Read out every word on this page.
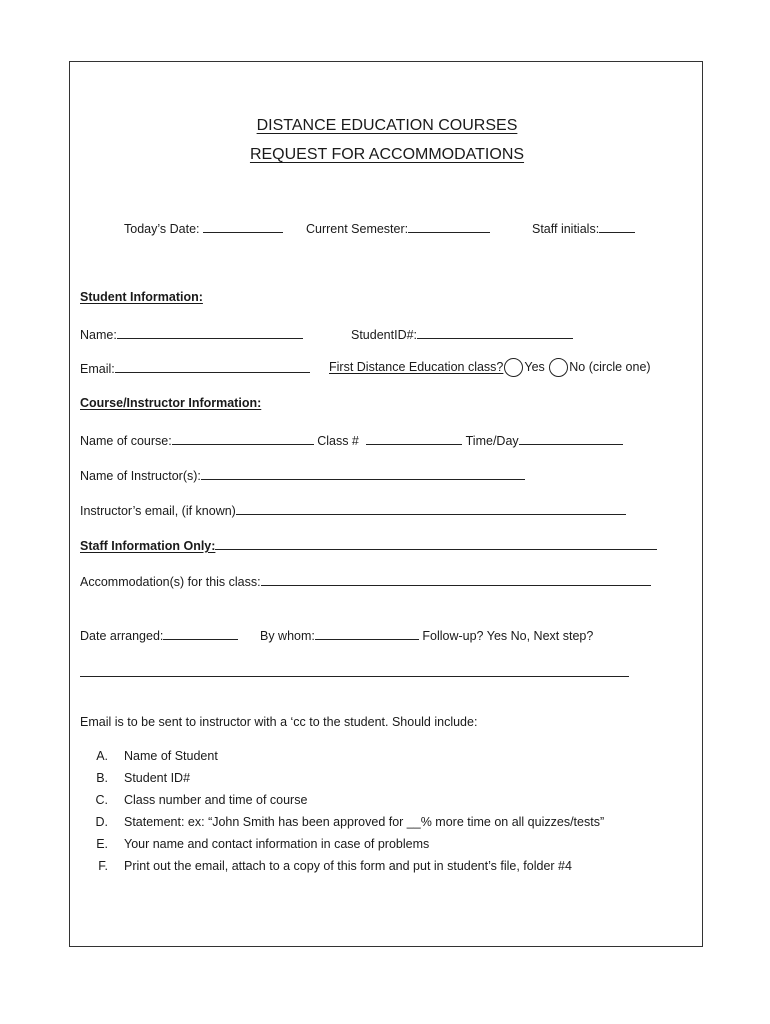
DISTANCE EDUCATION COURSES
REQUEST FOR ACCOMMODATIONS
Today’s Date:	Current Semester:	Staff initials:
Student Information:
Name:	StudentID#:
Email:	First Distance Education class? Yes No (circle one)
Course/Instructor Information:
Name of course:	Class #	Time/Day
Name of Instructor(s):
Instructor’s email, (if known)
Staff Information Only:
Accommodation(s) for this class:
Date arranged:	By whom:	Follow-up? Yes No, Next step?
Email is to be sent to instructor with a ‘cc to the student. Should include:
A. Name of Student
B. Student ID#
C. Class number and time of course
D. Statement: ex: “John Smith has been approved for __% more time on all quizzes/tests”
E. Your name and contact information in case of problems
F. Print out the email, attach to a copy of this form and put in student’s file, folder #4
